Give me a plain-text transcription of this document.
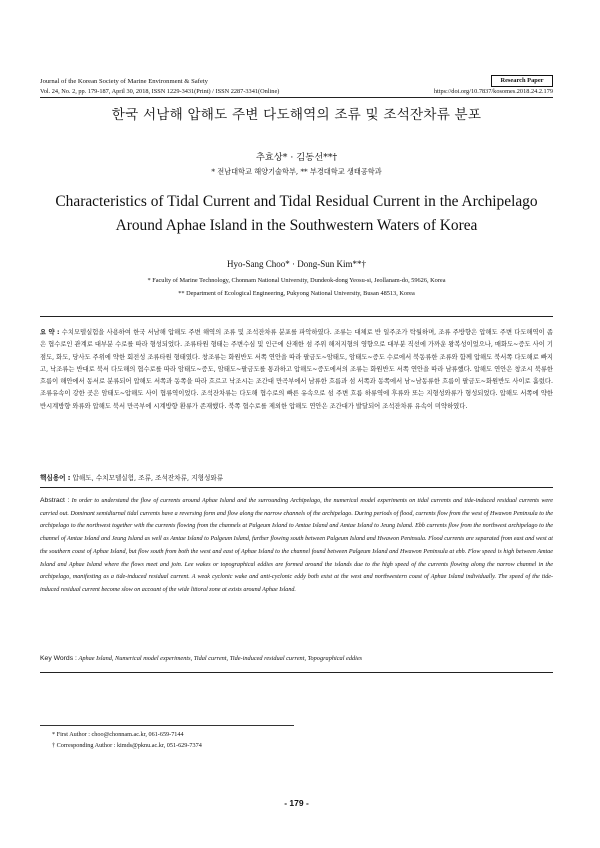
Journal of the Korean Society of Marine Environment & Safety	Research Paper
Vol. 24, No. 2, pp. 179-187, April 30, 2018, ISSN 1229-3431(Print) / ISSN 2287-3341(Online)	https://doi.org/10.7837/kosomes.2018.24.2.179
한국 서남해 압해도 주변 다도해역의 조류 및 조석잔차류 분포
추효상* · 김동선**†
* 전남대학교 해양기술학부, ** 부경대학교 생태공학과
Characteristics of Tidal Current and Tidal Residual Current in the Archipelago Around Aphae Island in the Southwestern Waters of Korea
Hyo-Sang Choo* · Dong-Sun Kim**†
* Faculty of Marine Technology, Chonnam National University, Dundeok-dong Yeosu-si, Jeollanam-do, 59626, Korea
** Department of Ecological Engineering, Pukyong National University, Busan 48513, Korea
요 약 : 수치모델실험을 사용하여 한국 서남해 압해도 주변 해역의 조류 및 조석잔차류 분포를 파악하였다. 조류는 대체로 반 일주조가 탁월하며, 조류 주방향은 압해도 주변 다도해역이 좁은 협수로인 관계로 대부분 수로를 따라 형성되었다. 조류타원 형태는 주변수심 및 인근에 산재한 섬 주위 해저지형의 영향으로 대부분 직선에 가까운 왕복성이었으나, 매화도~증도 사이 기점도, 화도, 당사도 주위에 약한 회전성 조류타원 형태였다. 창조류는 화원반도 서쪽 연안을 따라 팔금도~암태도, 암태도~증도 수로에서 북동류한 조류와 함께 압해도 북서쪽 다도해로 빠지고, 낙조류는 반대로 북서 다도해의 협수로를 따라 암태도~증도, 암태도~팔금도를 통과하고 압해도~증도에서의 조류는 화원반도 서쪽 연안을 따라 남류했다. 압해도 연안은 창조시 북류한 흐름이 해안에서 동서로 분류되어 압해도 서쪽과 동쪽을 따라 흐르고 낙조시는 조간대 만곡부에서 남류한 흐름과 섬 서쪽과 동쪽에서 남~남동류한 흐름이 팔금도~화원반도 사이로 흘렀다. 조류유속이 강한 곳은 암태도~압해도 사이 협류역이었다. 조석잔차류는 다도해 협수로의 빠른 유속으로 섬 주변 흐름 하류역에 후류와 또는 지형성와류가 형성되었다. 압해도 서쪽에 약한 반시계방향 와류와 압해도 북서 만곡부에 시계방향 환류가 존재했다. 북쪽 협수로를 제외한 압해도 연안은 조간대가 발달되어 조석잔차류 유속이 미약하였다.
핵심용어 : 압해도, 수치모델실험, 조류, 조석잔차류, 지형성와류
Abstract : In order to understand the flow of currents around Aphae Island and the surrounding Archipelago, the numerical model experiments on tidal currents and tide-induced residual currents were carried out. Dominant semidiurnal tidal currents have a reversing form and flow along the narrow channels of the archipelago. During periods of flood, currents flow from the west of Hwawon Peninsula to the archipelago to the northwest together with the currents flowing from the channels at Palgeum Island to Amtae Island and Amtae Island to Jeung Island. Ebb currents flow from the northwest archipelago to the channel of Amtae Island and Jeung Island as well as Amtae Island to Palgeum Island, further flowing south between Palgeum Island and Hwawon Peninsula. Flood currents are separated from east and west at the southern coast of Aphae Island, but flow south from both the west and east of Aphae Island to the channel found between Palgeum Island and Hwawon Peninsula at ebb. Flow speed is high between Amtae Island and Aphae Island where the flows meet and join. Lee wakes or topographical eddies are formed around the islands due to the high speed of the currents flowing along the narrow channel in the archipelago, manifesting as a tide-induced residual current. A weak cyclonic wake and anti-cyclonic eddy both exist at the west and northwestern coast of Aphae Island individually. The speed of the tide-induced residual current become slow on account of the wide littoral zone at exists around Aphae Island.
Key Words : Aphae Island, Numerical model experiments, Tidal current, Tide-induced residual current, Topographical eddies
* First Author : choo@chonnam.ac.kr, 061-659-7144
† Corresponding Author : kimds@pknu.ac.kr, 051-629-7374
- 179 -
